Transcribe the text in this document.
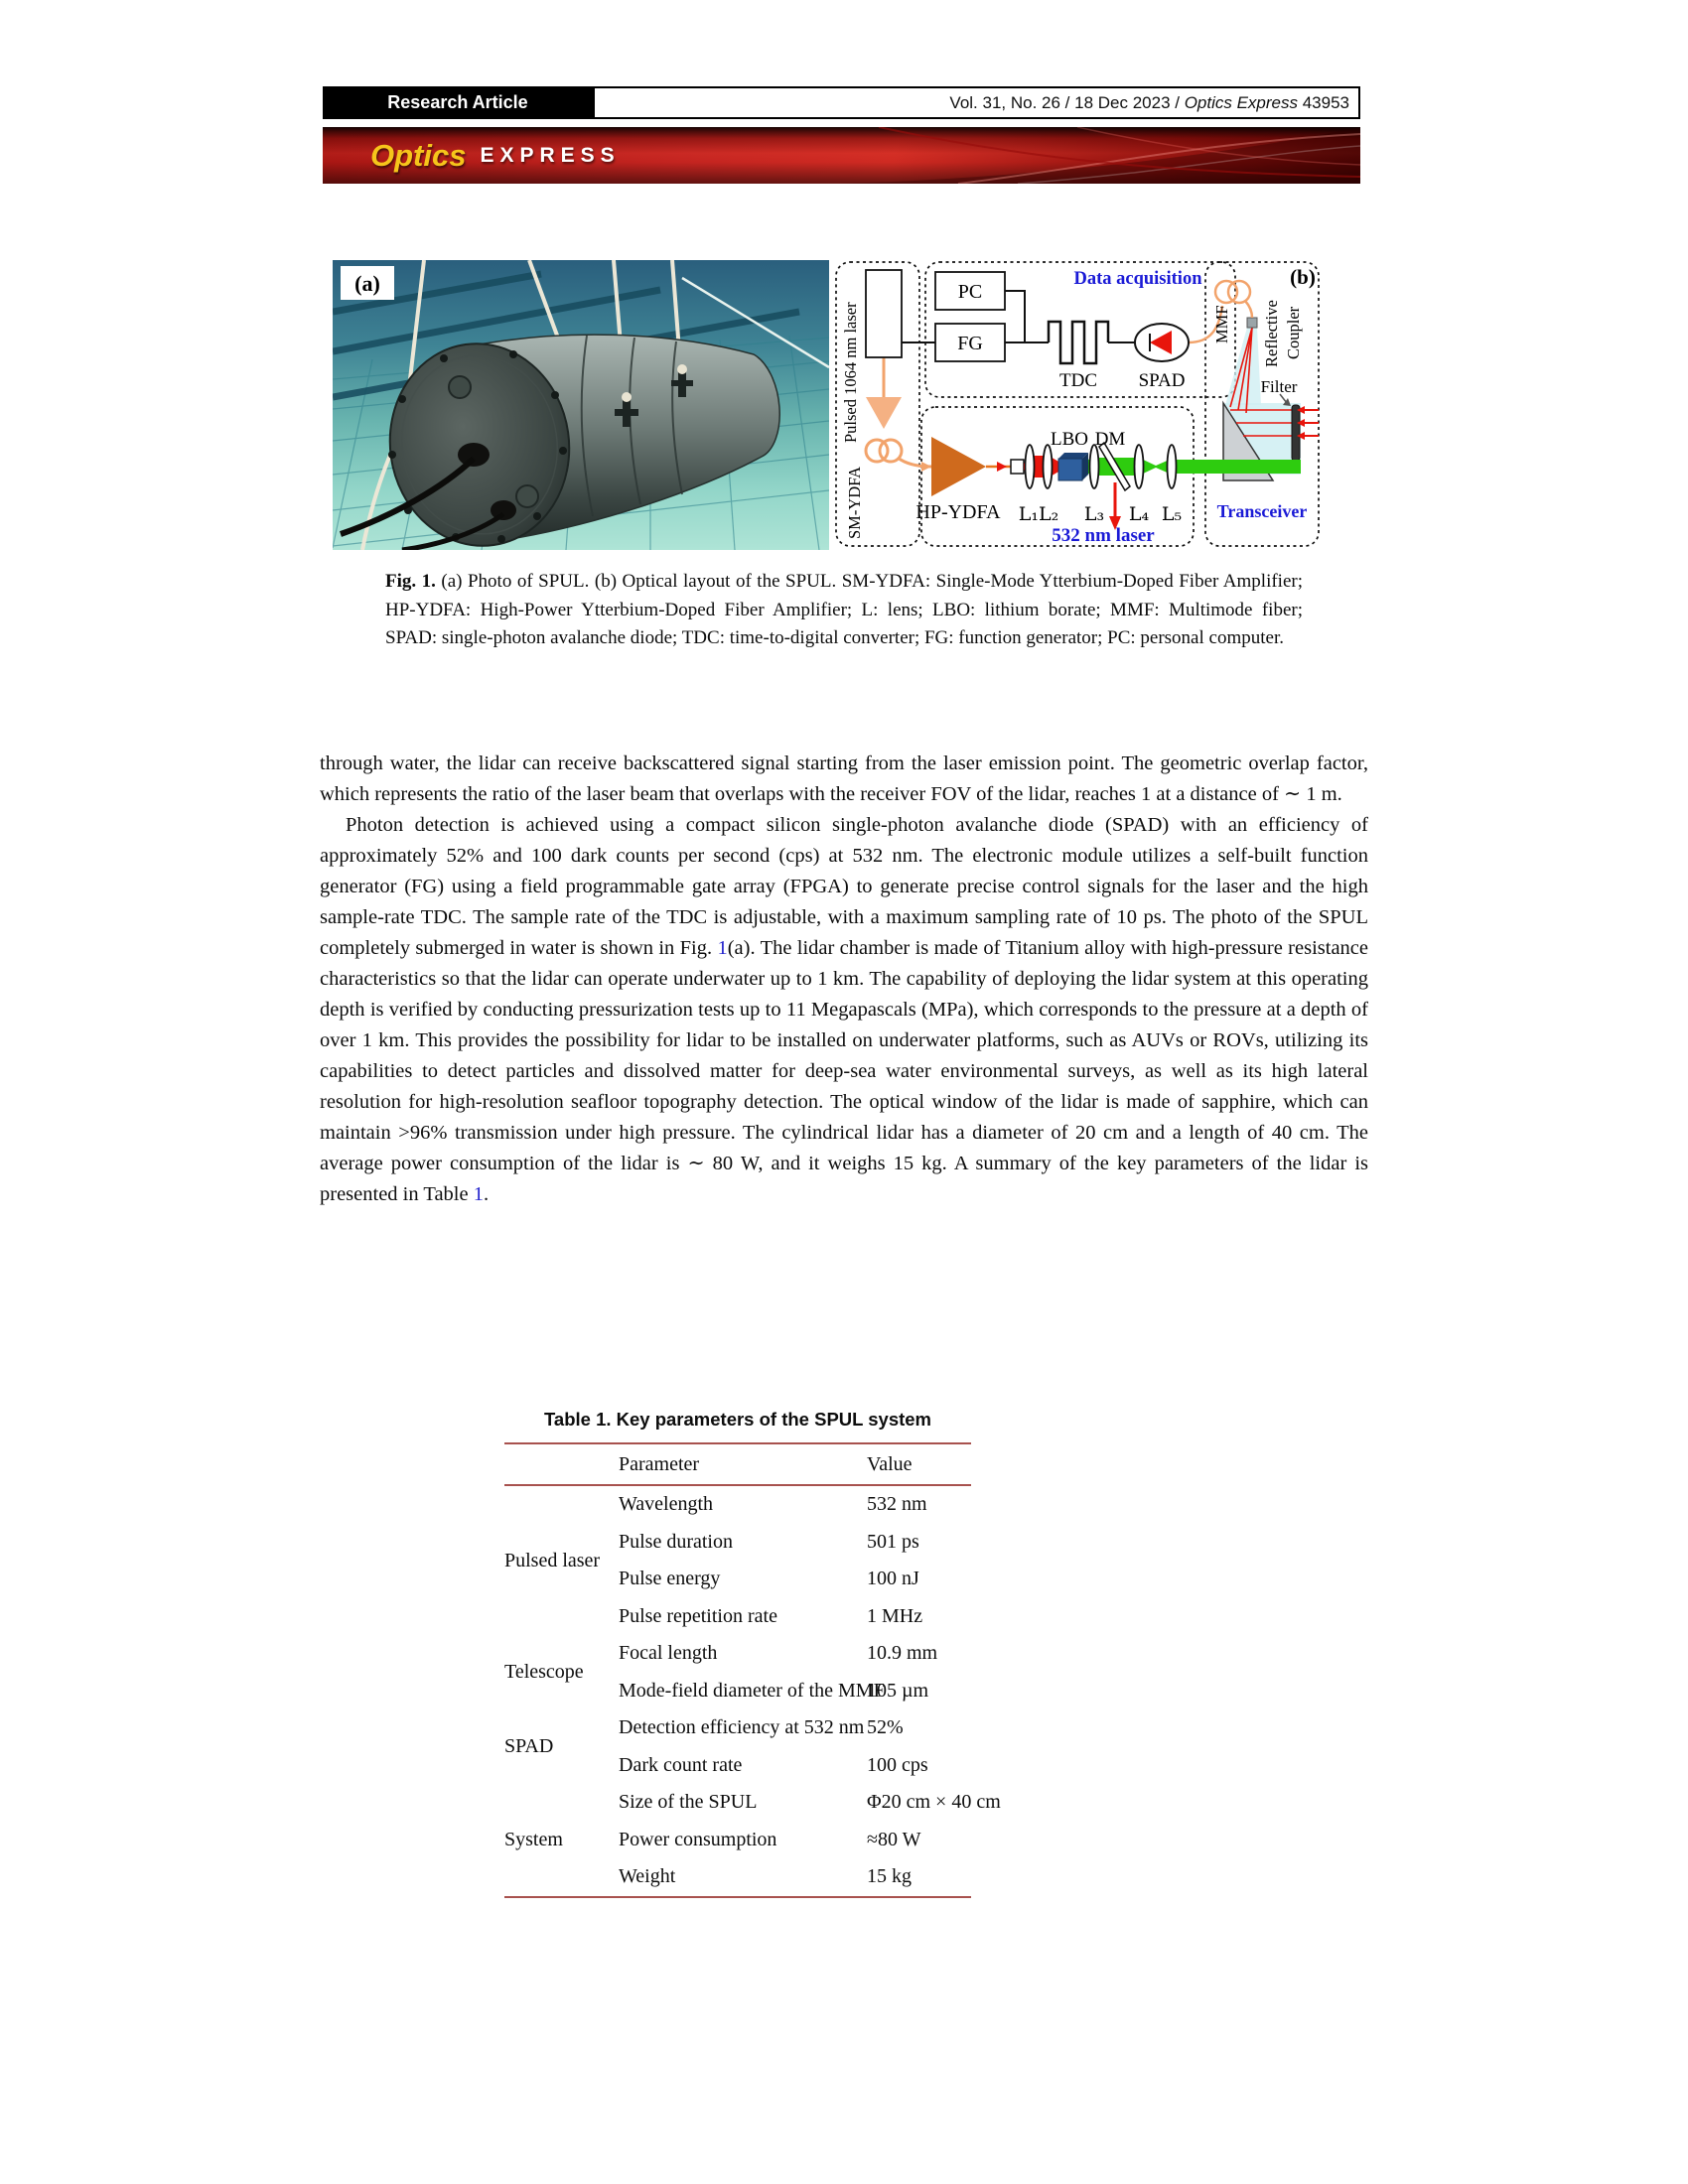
Research Article	Vol. 31, No. 26 / 18 Dec 2023 / Optics Express 43953
Optics EXPRESS
(a)
Pulsed 1064 nm laser
SM-YDFA
Data acquisition
PC
FG
TDC SPAD
MMF Reflective Coupler
Filter
HP-YDFA
LBO DM
L₁L₂ L₃ L₄ L₅
532 nm laser
Transceiver
(b)
Fig. 1. (a) Photo of SPUL. (b) Optical layout of the SPUL. SM-YDFA: Single-Mode Ytterbium-Doped Fiber Amplifier; HP-YDFA: High-Power Ytterbium-Doped Fiber Amplifier; L: lens; LBO: lithium borate; MMF: Multimode fiber; SPAD: single-photon avalanche diode; TDC: time-to-digital converter; FG: function generator; PC: personal computer.

through water, the lidar can receive backscattered signal starting from the laser emission point. The geometric overlap factor, which represents the ratio of the laser beam that overlaps with the receiver FOV of the lidar, reaches 1 at a distance of ∼ 1 m.

Photon detection is achieved using a compact silicon single-photon avalanche diode (SPAD) with an efficiency of approximately 52% and 100 dark counts per second (cps) at 532 nm. The electronic module utilizes a self-built function generator (FG) using a field programmable gate array (FPGA) to generate precise control signals for the laser and the high sample-rate TDC. The sample rate of the TDC is adjustable, with a maximum sampling rate of 10 ps. The photo of the SPUL completely submerged in water is shown in Fig. 1(a). The lidar chamber is made of Titanium alloy with high-pressure resistance characteristics so that the lidar can operate underwater up to 1 km. The capability of deploying the lidar system at this operating depth is verified by conducting pressurization tests up to 11 Megapascals (MPa), which corresponds to the pressure at a depth of over 1 km. This provides the possibility for lidar to be installed on underwater platforms, such as AUVs or ROVs, utilizing its capabilities to detect particles and dissolved matter for deep-sea water environmental surveys, as well as its high lateral resolution for high-resolution seafloor topography detection. The optical window of the lidar is made of sapphire, which can maintain >96% transmission under high pressure. The cylindrical lidar has a diameter of 20 cm and a length of 40 cm. The average power consumption of the lidar is ∼ 80 W, and it weighs 15 kg. A summary of the key parameters of the lidar is presented in Table 1.

Table 1. Key parameters of the SPUL system
	Parameter	Value
Pulsed laser	Wavelength	532 nm
	Pulse duration	501 ps
	Pulse energy	100 nJ
	Pulse repetition rate	1 MHz
Telescope	Focal length	10.9 mm
	Mode-field diameter of the MMF	105 µm
SPAD	Detection efficiency at 532 nm	52%
	Dark count rate	100 cps
System	Size of the SPUL	Φ20 cm × 40 cm
	Power consumption	≈80 W
	Weight	15 kg
